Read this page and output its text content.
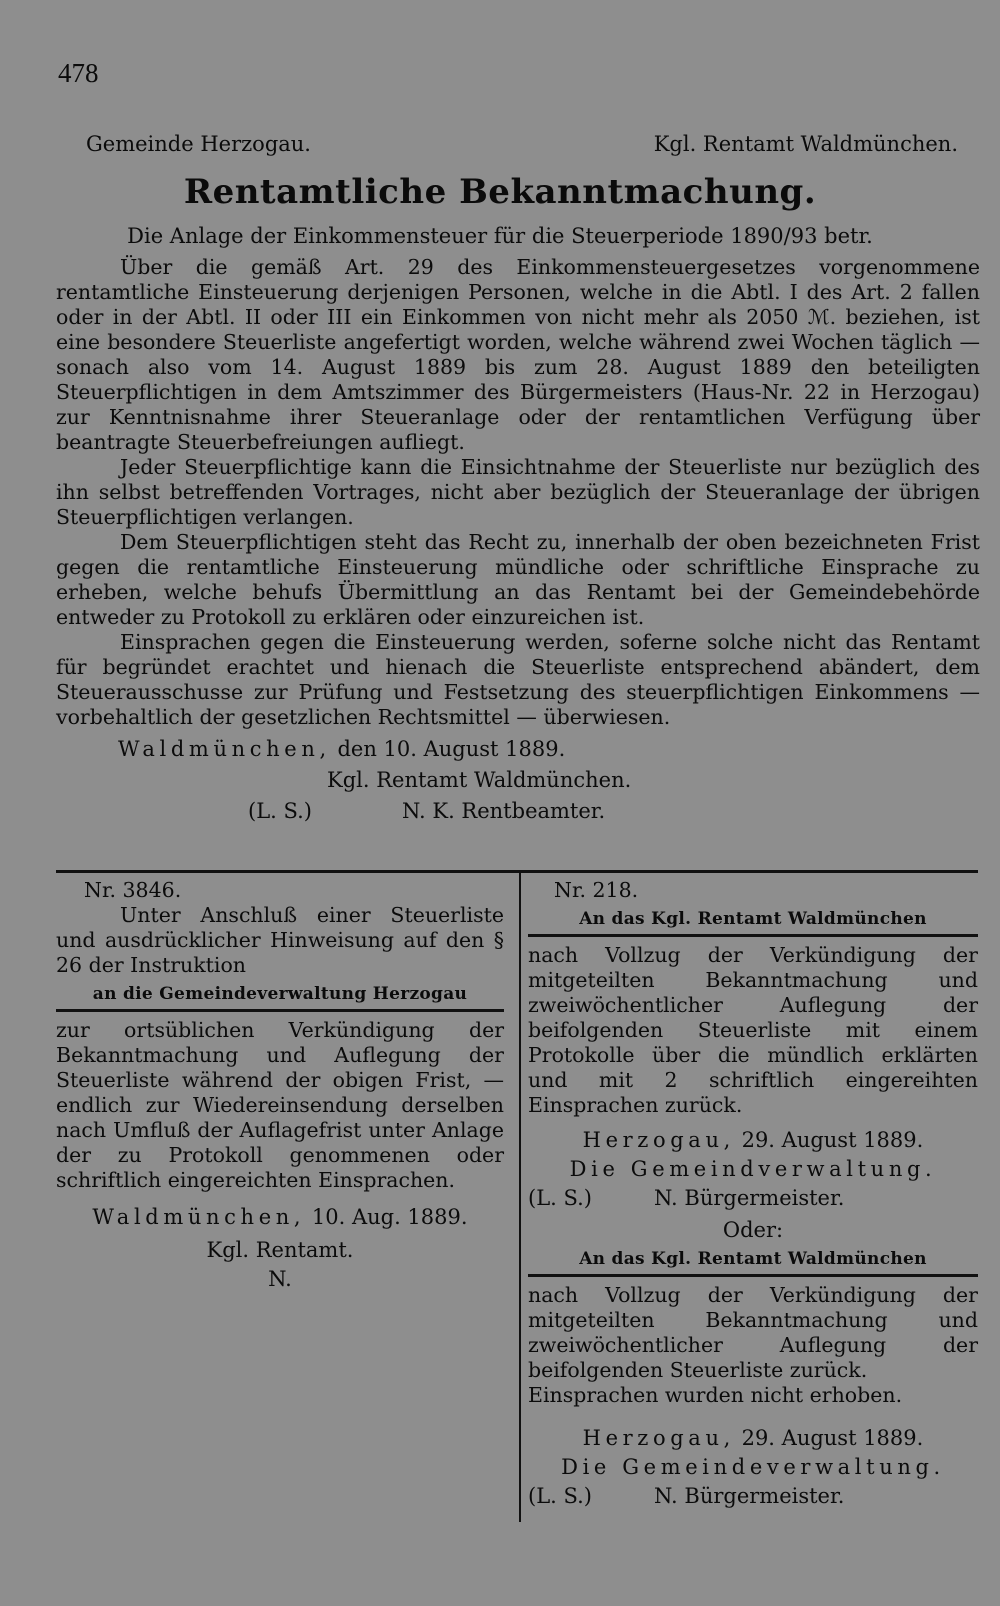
478
Gemeinde Herzogau.	Kgl. Rentamt Waldmünchen.
Rentamtliche Bekanntmachung.
Die Anlage der Einkommensteuer für die Steuerperiode 1890/93 betr.

Über die gemäß Art. 29 des Einkommensteuergesetzes vorgenommene rentamtliche Einsteuerung derjenigen Personen, welche in die Abtl. I des Art. 2 fallen oder in der Abtl. II oder III ein Einkommen von nicht mehr als 2050 ℳ. beziehen, ist eine besondere Steuerliste angefertigt worden, welche während zwei Wochen täglich — sonach also vom 14. August 1889 bis zum 28. August 1889 den beteiligten Steuerpflichtigen in dem Amtszimmer des Bürgermeisters (Haus-Nr. 22 in Herzogau) zur Kenntnisnahme ihrer Steueranlage oder der rentamtlichen Verfügung über beantragte Steuerbefreiungen aufliegt.

Jeder Steuerpflichtige kann die Einsichtnahme der Steuerliste nur bezüglich des ihn selbst betreffenden Vortrages, nicht aber bezüglich der Steueranlage der übrigen Steuerpflichtigen verlangen.

Dem Steuerpflichtigen steht das Recht zu, innerhalb der oben bezeichneten Frist gegen die rentamtliche Einsteuerung mündliche oder schriftliche Einsprache zu erheben, welche behufs Übermittlung an das Rentamt bei der Gemeindebehörde entweder zu Protokoll zu erklären oder einzureichen ist.

Einsprachen gegen die Einsteuerung werden, soferne solche nicht das Rentamt für begründet erachtet und hienach die Steuerliste entsprechend abändert, dem Steuerausschusse zur Prüfung und Festsetzung des steuerpflichtigen Einkommens — vorbehaltlich der gesetzlichen Rechtsmittel — überwiesen.

Waldmünchen, den 10. August 1889.
Kgl. Rentamt Waldmünchen.
(L. S.)	N. K. Rentbeamter.
Nr. 3846.

Unter Anschluß einer Steuerliste und ausdrücklicher Hinweisung auf den § 26 der Instruktion

an die Gemeindeverwaltung Herzogau

zur ortsüblichen Verkündigung der Bekanntmachung und Auflegung der Steuerliste während der obigen Frist, — endlich zur Wiedereinsendung derselben nach Umfluß der Auflagefrist unter Anlage der zu Protokoll genommenen oder schriftlich eingereichten Einsprachen.

Waldmünchen, 10. Aug. 1889.
Kgl. Rentamt.
N.
Nr. 218.
An das Kgl. Rentamt Waldmünchen

nach Vollzug der Verkündigung der mitgeteilten Bekanntmachung und zweiwöchentlicher Auflegung der beifolgenden Steuerliste mit einem Protokolle über die mündlich erklärten und mit 2 schriftlich eingereihten Einsprachen zurück.

Herzogau, 29. August 1889.
Die Gemeindverwaltung.
(L. S.)	N. Bürgermeister.
Oder:
An das Kgl. Rentamt Waldmünchen

nach Vollzug der Verkündigung der mitgeteilten Bekanntmachung und zweiwöchentlicher Auflegung der beifolgenden Steuerliste zurück.

Einsprachen wurden nicht erhoben.

Herzogau, 29. August 1889.
Die Gemeindeverwaltung.
(L. S.)	N. Bürgermeister.
